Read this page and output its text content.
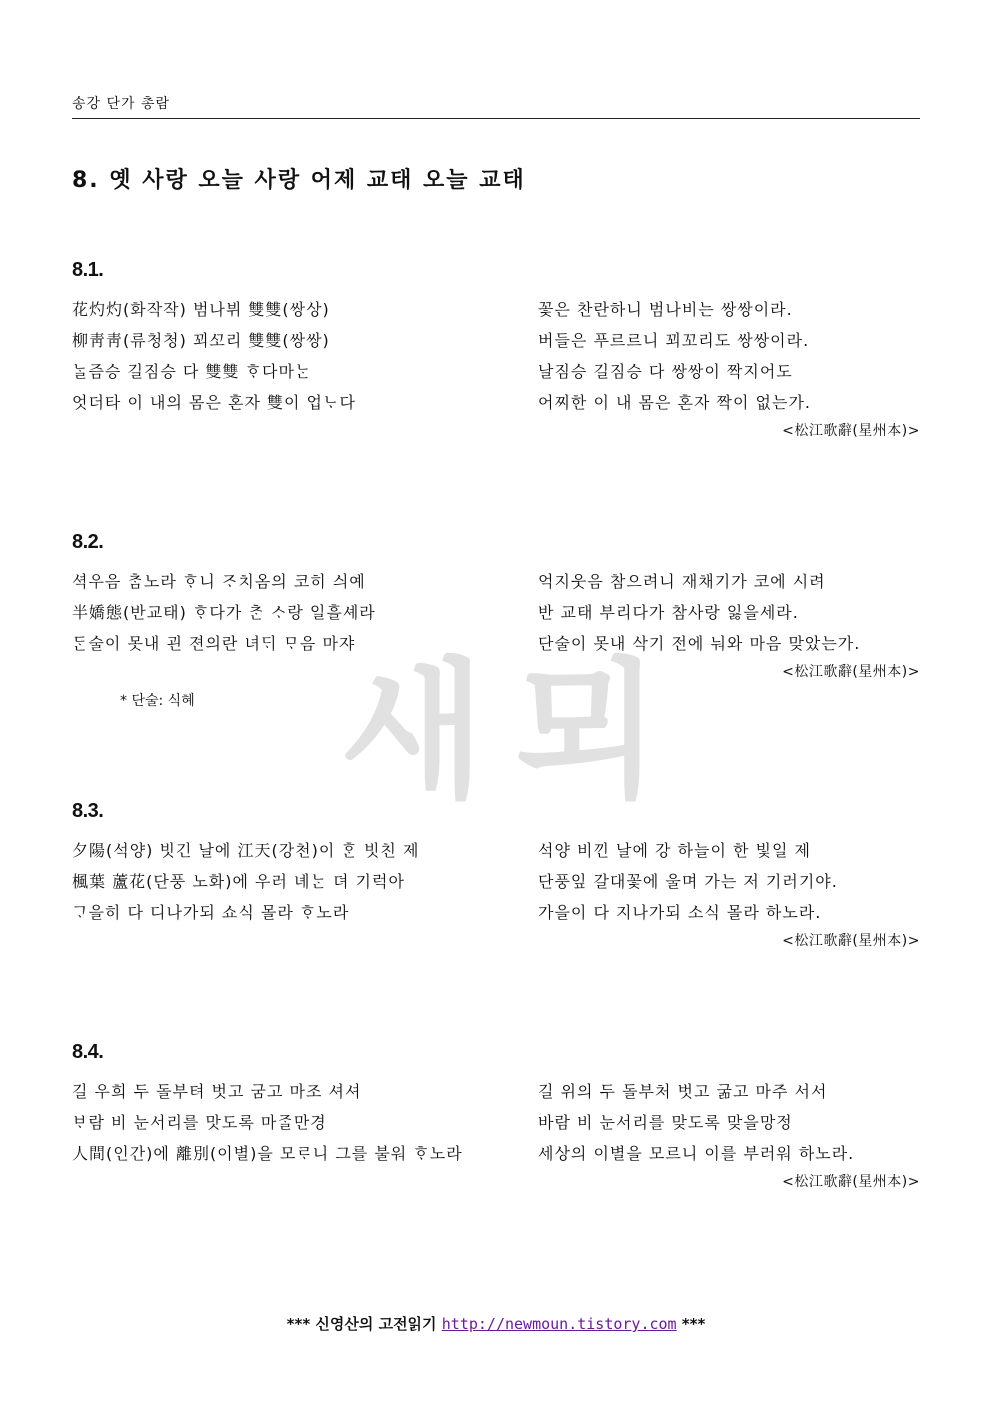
송강 단가 총람
8. 옛 사랑 오늘 사랑 어제 교태 오늘 교태
새뫼
8.1.
花灼灼(화작작) 범나뷔 雙雙(쌍상)
柳靑靑(류청청) 꾀ᄭᅩ리 雙雙(쌍쌍)
ᄂᆞᆯ즘승 길짐승 다 雙雙 ᄒᆞ다마ᄂᆞᆫ
엇더타 이 내의 몸은 혼자 雙이 업ᄂᆞ다
꽃은 찬란하니 범나비는 쌍쌍이라.
버들은 푸르르니 꾀꼬리도 쌍쌍이라.
날짐승 길짐승 다 쌍쌍이 짝지어도
어찌한 이 내 몸은 혼자 짝이 없는가.
<松江歌辭(星州本)>
8.2.
셕우음 ᄎᆞᆷ노라 ᄒᆞ니 ᄌᆞ치옴의 코히 싀예
半嬌態(반교태) ᄒᆞ다가 ᄎᆞᆫ ᄉᆞ랑 일흘셰라
ᄃᆞᆫ술이 못내 괸 젼의란 녀ᄃᆡ ᄆᆞ음 마쟈
억지웃음 참으려니 재채기가 코에 시려
반 교태 부리다가 참사랑 잃을세라.
단술이 못내 삭기 전에 눠와 마음 맞았는가.
<松江歌辭(星州本)>
* 단술: 식혜
8.3.
夕陽(석양) 빗긴 날에 江天(강천)이 ᄒᆞᆫ 빗친 제
楓葉 蘆花(단풍 노화)에 우러 녜ᄂᆞᆫ 뎌 기럭아
ᄀᆞ을히 다 디나가되 쇼식 몰라 ᄒᆞ노라
석양 비낀 날에 강 하늘이 한 빛일 제
단풍잎 갈대꽃에 울며 가는 저 기러기야.
가을이 다 지나가되 소식 몰라 하노라.
<松江歌辭(星州本)>
8.4.
길 우희 두 돌부텨 벗고 굼고 마조 셔셔
ᄇᆞ람 비 눈서리를 맛도록 마ᄌᆞᆯ만경
人間(인간)에 離別(이별)을 모ᄅᆞ니 그를 불워 ᄒᆞ노라
길 위의 두 돌부처 벗고 굶고 마주 서서
바람 비 눈서리를 맞도록 맞을망정
세상의 이별을 모르니 이를 부러워 하노라.
<松江歌辭(星州本)>
*** 신영산의 고전읽기 http://newmoun.tistory.com ***
